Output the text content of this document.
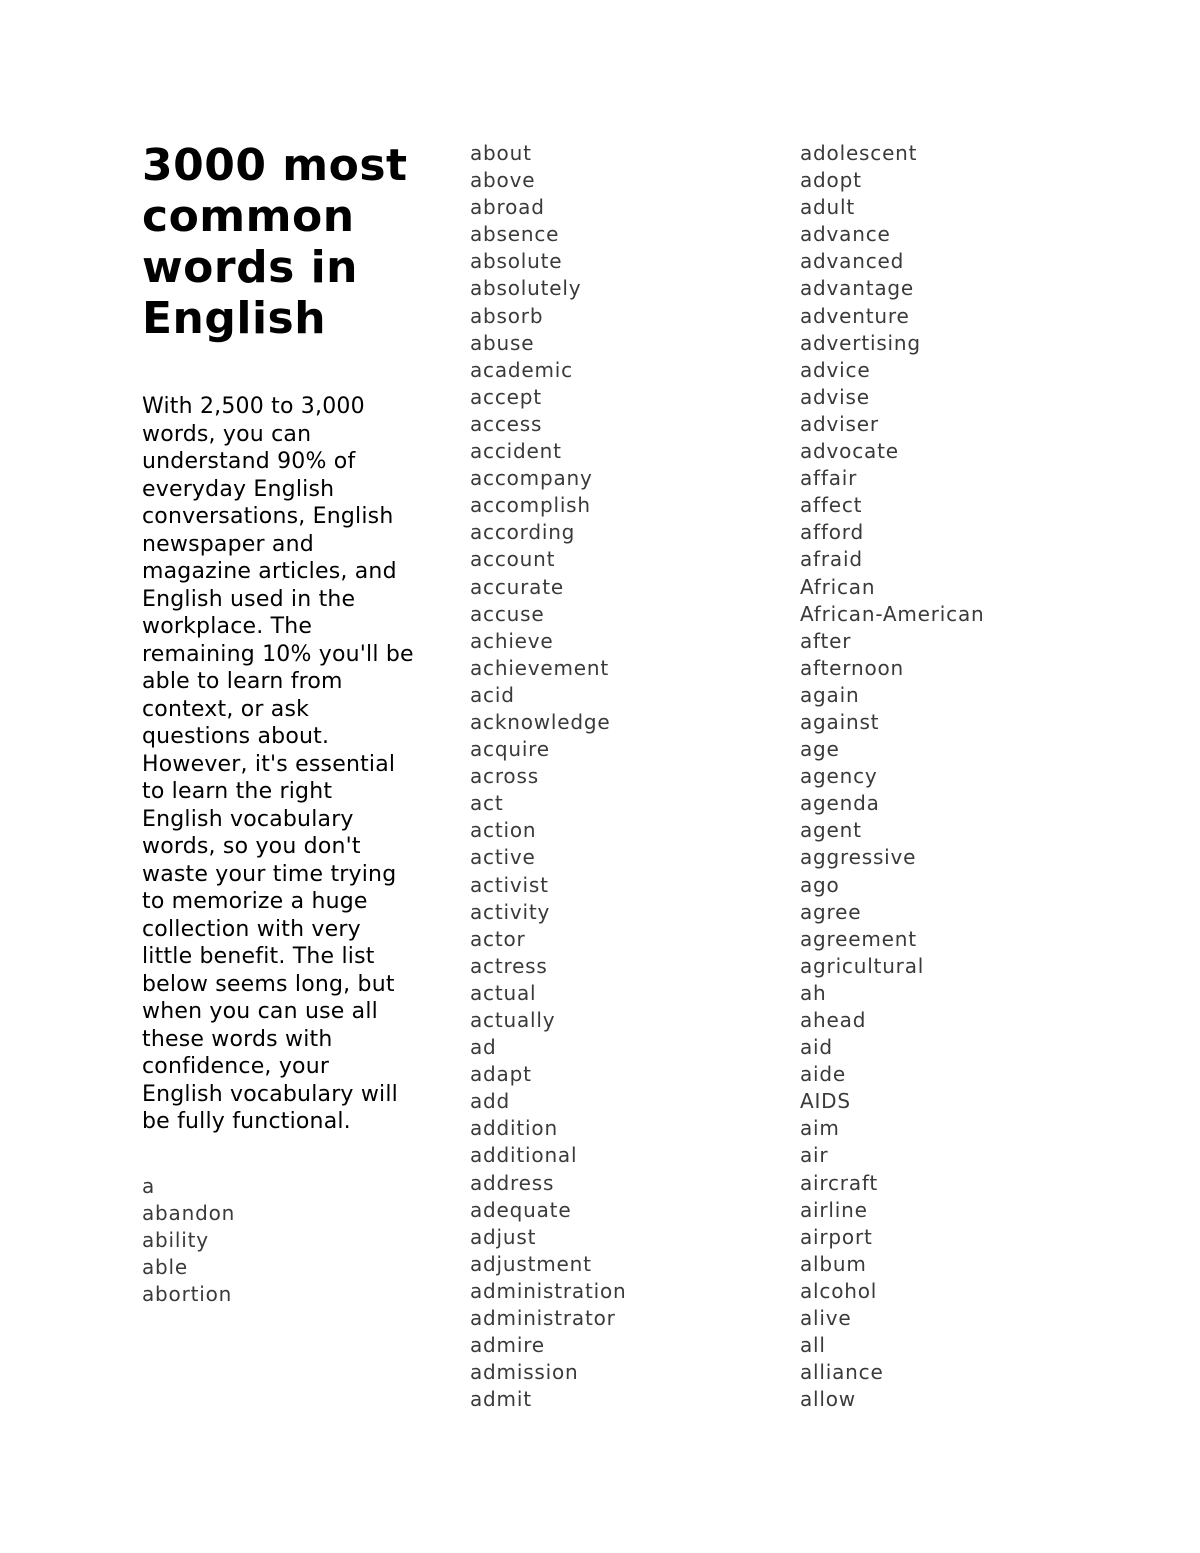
3000 most common words in English

With 2,500 to 3,000 words, you can understand 90% of everyday English conversations, English newspaper and magazine articles, and English used in the workplace. The remaining 10% you'll be able to learn from context, or ask questions about. However, it's essential to learn the right English vocabulary words, so you don't waste your time trying to memorize a huge collection with very little benefit. The list below seems long, but when you can use all these words with confidence, your English vocabulary will be fully functional.

a
abandon
ability
able
abortion
about
above
abroad
absence
absolute
absolutely
absorb
abuse
academic
accept
access
accident
accompany
accomplish
according
account
accurate
accuse
achieve
achievement
acid
acknowledge
acquire
across
act
action
active
activist
activity
actor
actress
actual
actually
ad
adapt
add
addition
additional
address
adequate
adjust
adjustment
administration
administrator
admire
admission
admit
adolescent
adopt
adult
advance
advanced
advantage
adventure
advertising
advice
advise
adviser
advocate
affair
affect
afford
afraid
African
African-American
after
afternoon
again
against
age
agency
agenda
agent
aggressive
ago
agree
agreement
agricultural
ah
ahead
aid
aide
AIDS
aim
air
aircraft
airline
airport
album
alcohol
alive
all
alliance
allow
